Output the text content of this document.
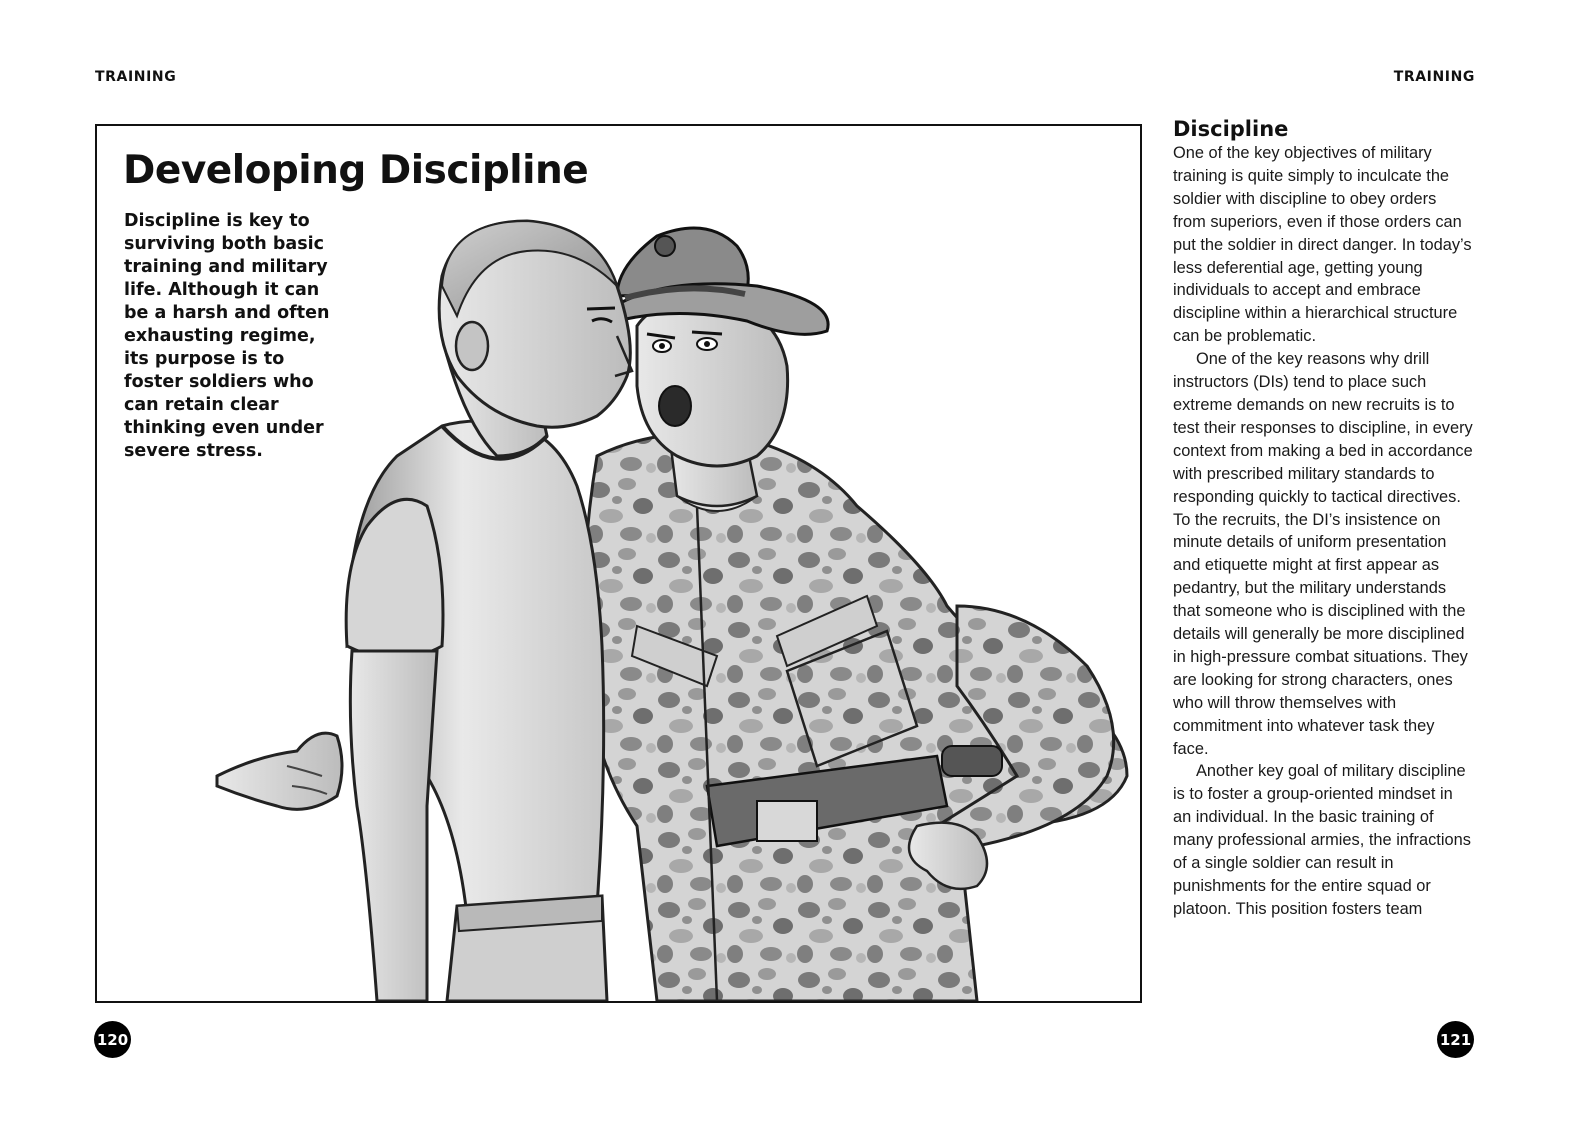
TRAINING
Developing Discipline

Discipline is key to surviving both basic training and military life. Although it can be a harsh and often exhausting regime, its purpose is to foster soldiers who can retain clear thinking even under severe stress.

120
TRAINING
Discipline

One of the key objectives of military training is quite simply to inculcate the soldier with discipline to obey orders from superiors, even if those orders can put the soldier in direct danger. In today’s less deferential age, getting young individuals to accept and embrace discipline within a hierarchical structure can be problematic.

One of the key reasons why drill instructors (DIs) tend to place such extreme demands on new recruits is to test their responses to discipline, in every context from making a bed in accordance with prescribed military standards to responding quickly to tactical directives. To the recruits, the DI’s insistence on minute details of uniform presentation and etiquette might at first appear as pedantry, but the military understands that someone who is disciplined with the details will generally be more disciplined in high-pressure combat situations. They are looking for strong characters, ones who will throw themselves with commitment into whatever task they face.

Another key goal of military discipline is to foster a group-oriented mindset in an individual. In the basic training of many professional armies, the infractions of a single soldier can result in punishments for the entire squad or platoon. This position fosters team

121
